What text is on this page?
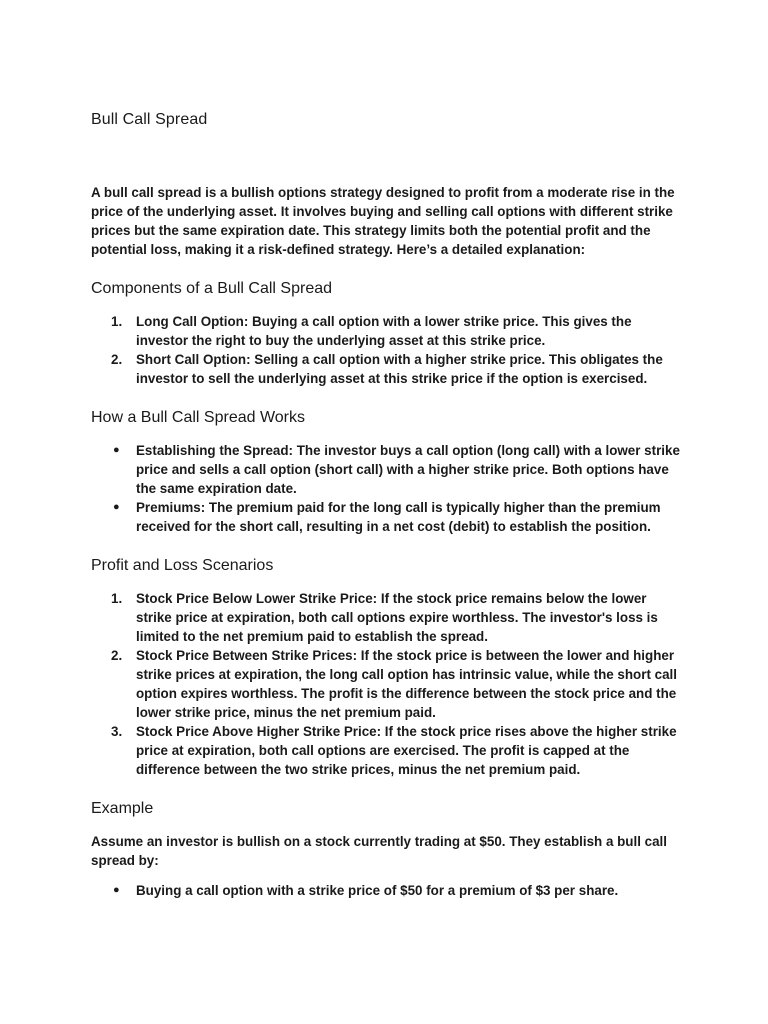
Bull Call Spread

A bull call spread is a bullish options strategy designed to profit from a moderate rise in the price of the underlying asset. It involves buying and selling call options with different strike prices but the same expiration date. This strategy limits both the potential profit and the potential loss, making it a risk-defined strategy. Here’s a detailed explanation:

Components of a Bull Call Spread
1.	Long Call Option: Buying a call option with a lower strike price. This gives the investor the right to buy the underlying asset at this strike price.
2.	Short Call Option: Selling a call option with a higher strike price. This obligates the investor to sell the underlying asset at this strike price if the option is exercised.
How a Bull Call Spread Works
●	Establishing the Spread: The investor buys a call option (long call) with a lower strike price and sells a call option (short call) with a higher strike price. Both options have the same expiration date.
●	Premiums: The premium paid for the long call is typically higher than the premium received for the short call, resulting in a net cost (debit) to establish the position.
Profit and Loss Scenarios
1.	Stock Price Below Lower Strike Price: If the stock price remains below the lower strike price at expiration, both call options expire worthless. The investor's loss is limited to the net premium paid to establish the spread.
2.	Stock Price Between Strike Prices: If the stock price is between the lower and higher strike prices at expiration, the long call option has intrinsic value, while the short call option expires worthless. The profit is the difference between the stock price and the lower strike price, minus the net premium paid.
3.	Stock Price Above Higher Strike Price: If the stock price rises above the higher strike price at expiration, both call options are exercised. The profit is capped at the difference between the two strike prices, minus the net premium paid.
Example

Assume an investor is bullish on a stock currently trading at $50. They establish a bull call spread by:

●	Buying a call option with a strike price of $50 for a premium of $3 per share.
